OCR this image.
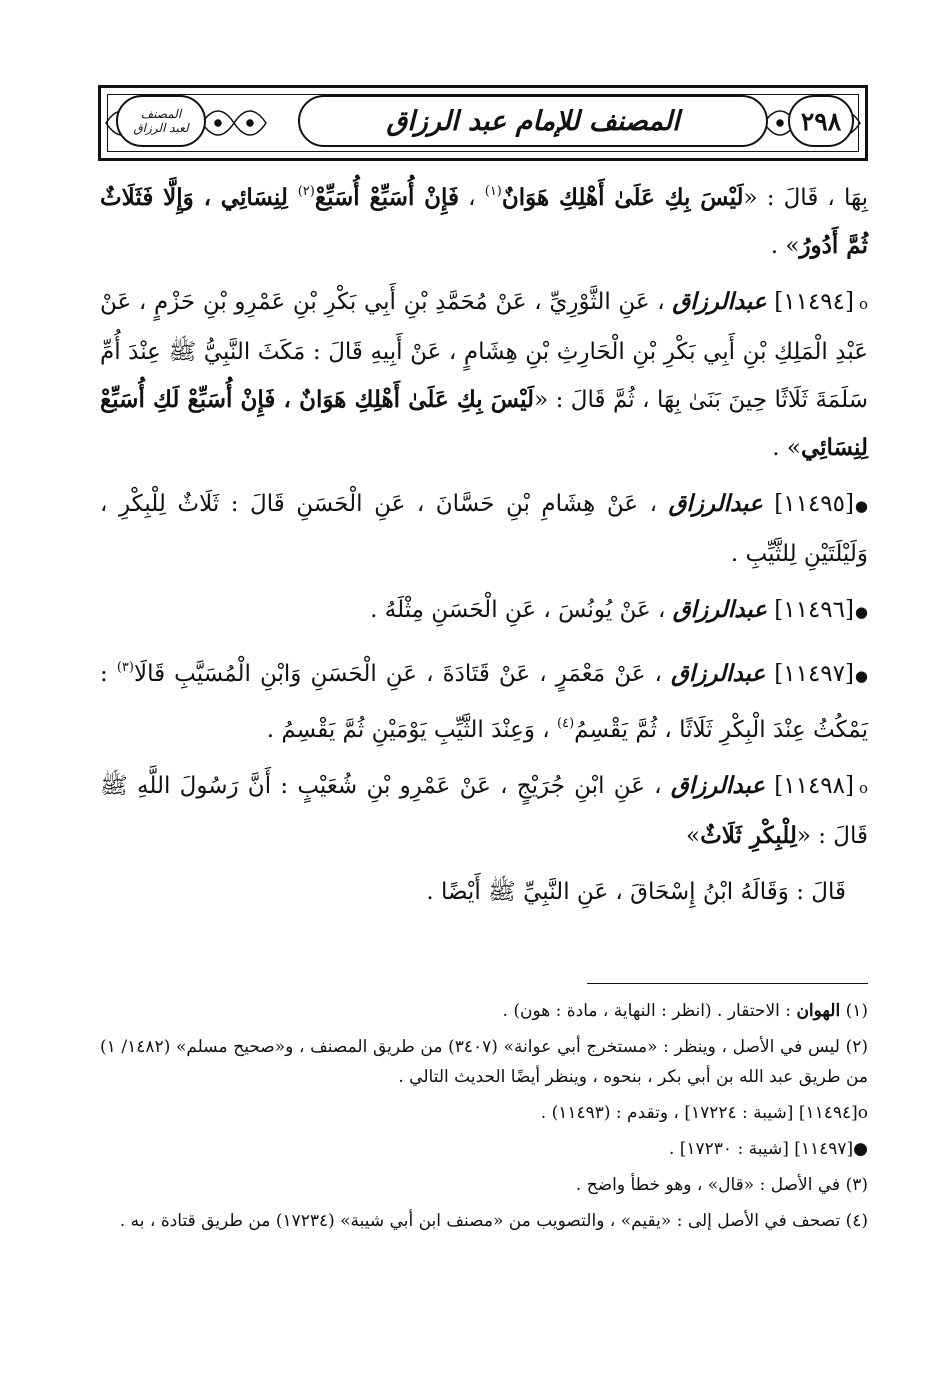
المصنف
لعبد الرزاق	المصنف للإمام عبد الرزاق	٢٩٨

بِهَا ، قَالَ : «لَيْسَ بِكِ عَلَىٰ أَهْلِكِ هَوَانٌ$^{(١)}$ ، فَإِنْ أُسَبِّعْ أُسَبِّعْ$^{(٢)}$ لِنِسَائِي ، وَإِلَّا فَثَلَاثٌ ثُمَّ أَدُورُ» .

o[١١٤٩٤] عبدالرزاق ، عَنِ الثَّوْرِيِّ ، عَنْ مُحَمَّدِ بْنِ أَبِي بَكْرِ بْنِ عَمْرِو بْنِ حَزْمٍ ، عَنْ عَبْدِ الْمَلِكِ بْنِ أَبِي بَكْرِ بْنِ الْحَارِثِ بْنِ هِشَامٍ ، عَنْ أَبِيهِ قَالَ : مَكَثَ النَّبِيُّ ﷺ عِنْدَ أُمِّ سَلَمَةَ ثَلَاثًا حِينَ بَنَىٰ بِهَا ، ثُمَّ قَالَ : «لَيْسَ بِكِ عَلَىٰ أَهْلِكِ هَوَانٌ ، فَإِنْ أُسَبِّعْ لَكِ أُسَبِّعْ لِنِسَائِي» .

●[١١٤٩٥] عبدالرزاق ، عَنْ هِشَامِ بْنِ حَسَّانَ ، عَنِ الْحَسَنِ قَالَ : ثَلَاثٌ لِلْبِكْرِ ، وَلَيْلَتَيْنِ لِلثَّيِّبِ .

●[١١٤٩٦] عبدالرزاق ، عَنْ يُونُسَ ، عَنِ الْحَسَنِ مِثْلَهُ .

●[١١٤٩٧] عبدالرزاق ، عَنْ مَعْمَرٍ ، عَنْ قَتَادَةَ ، عَنِ الْحَسَنِ وَابْنِ الْمُسَيَّبِ قَالَا$^{(٣)}$ : يَمْكُثُ عِنْدَ الْبِكْرِ ثَلَاثًا ، ثُمَّ يَقْسِمُ$^{(٤)}$ ، وَعِنْدَ الثَّيِّبِ يَوْمَيْنِ ثُمَّ يَقْسِمُ .

o[١١٤٩٨] عبدالرزاق ، عَنِ ابْنِ جُرَيْجٍ ، عَنْ عَمْرِو بْنِ شُعَيْبٍ : أَنَّ رَسُولَ اللَّهِ ﷺ قَالَ : «لِلْبِكْرِ ثَلَاثٌ»

قَالَ : وَقَالَهُ ابْنُ إِسْحَاقَ ، عَنِ النَّبِيِّ ﷺ أَيْضًا .

(١) الهوان : الاحتقار . (انظر : النهاية ، مادة : هون) .

(٢) ليس في الأصل ، وينظر : «مستخرج أبي عوانة» (٣٤٠٧) من طريق المصنف ، و«صحيح مسلم» (١٤٨٢/ ١) من طريق عبد الله بن أبي بكر ، بنحوه ، وينظر أيضًا الحديث التالي .

o[١١٤٩٤] [شيبة : ١٧٢٢٤] ، وتقدم : (١١٤٩٣) .

●[١١٤٩٧] [شيبة : ١٧٢٣٠] .

(٣) في الأصل : «قال» ، وهو خطأ واضح .

(٤) تصحف في الأصل إلى : «يقيم» ، والتصويب من «مصنف ابن أبي شيبة» (١٧٢٣٤) من طريق قتادة ، به .
